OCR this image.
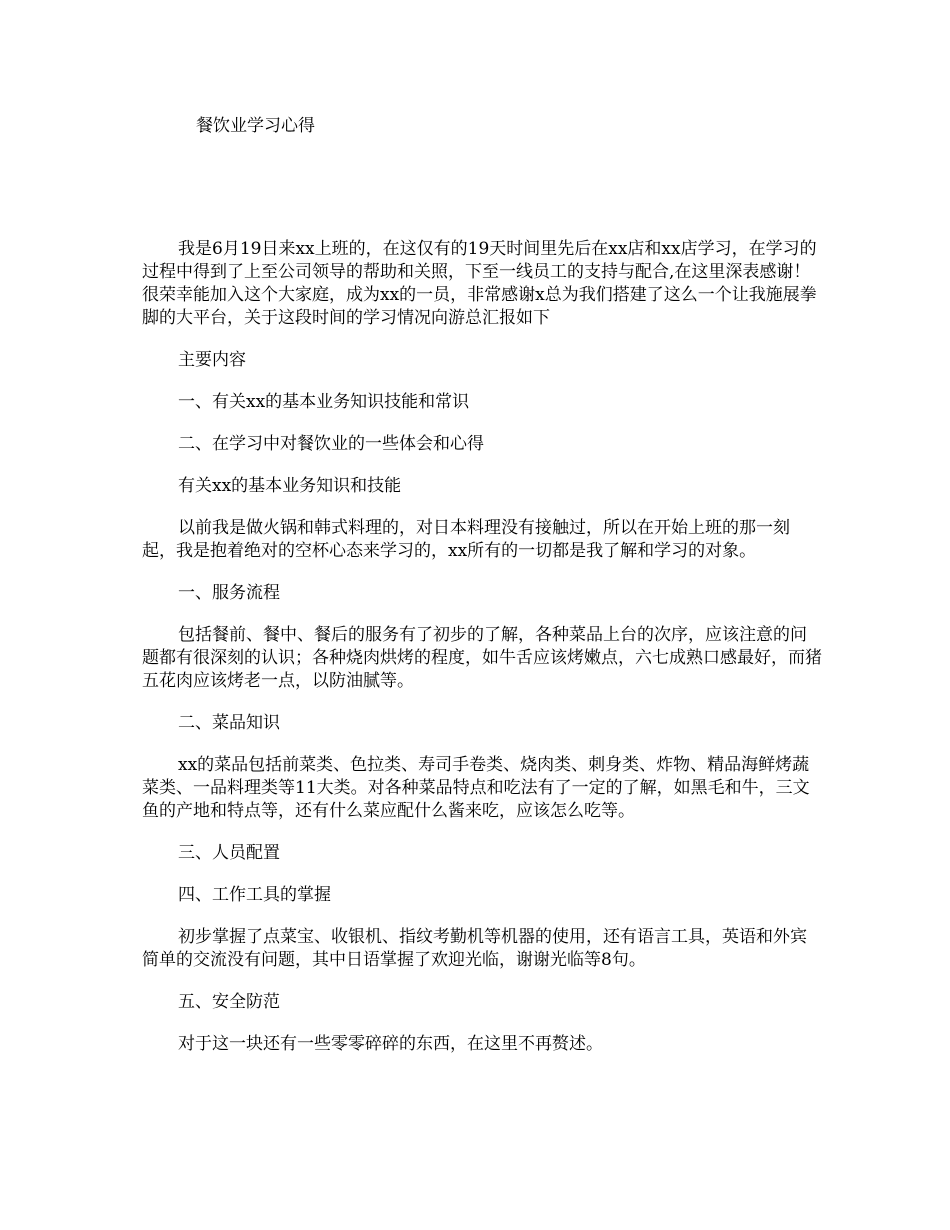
餐饮业学习心得

我是6月19日来xx上班的，在这仅有的19天时间里先后在xx店和xx店学习，在学习的过程中得到了上至公司领导的帮助和关照，下至一线员工的支持与配合,在这里深表感谢！很荣幸能加入这个大家庭，成为xx的一员，非常感谢x总为我们搭建了这么一个让我施展拳脚的大平台，关于这段时间的学习情况向游总汇报如下

主要内容

一、有关xx的基本业务知识技能和常识

二、在学习中对餐饮业的一些体会和心得

有关xx的基本业务知识和技能

以前我是做火锅和韩式料理的，对日本料理没有接触过，所以在开始上班的那一刻起，我是抱着绝对的空杯心态来学习的，xx所有的一切都是我了解和学习的对象。

一、服务流程

包括餐前、餐中、餐后的服务有了初步的了解，各种菜品上台的次序，应该注意的问题都有很深刻的认识；各种烧肉烘烤的程度，如牛舌应该烤嫩点，六七成熟口感最好，而猪五花肉应该烤老一点，以防油腻等。

二、菜品知识

xx的菜品包括前菜类、色拉类、寿司手卷类、烧肉类、刺身类、炸物、精品海鲜烤蔬菜类、一品料理类等11大类。对各种菜品特点和吃法有了一定的了解，如黑毛和牛，三文鱼的产地和特点等，还有什么菜应配什么酱来吃，应该怎么吃等。

三、人员配置

四、工作工具的掌握

初步掌握了点菜宝、收银机、指纹考勤机等机器的使用，还有语言工具，英语和外宾简单的交流没有问题，其中日语掌握了欢迎光临，谢谢光临等8句。

五、安全防范

对于这一块还有一些零零碎碎的东西，在这里不再赘述。
